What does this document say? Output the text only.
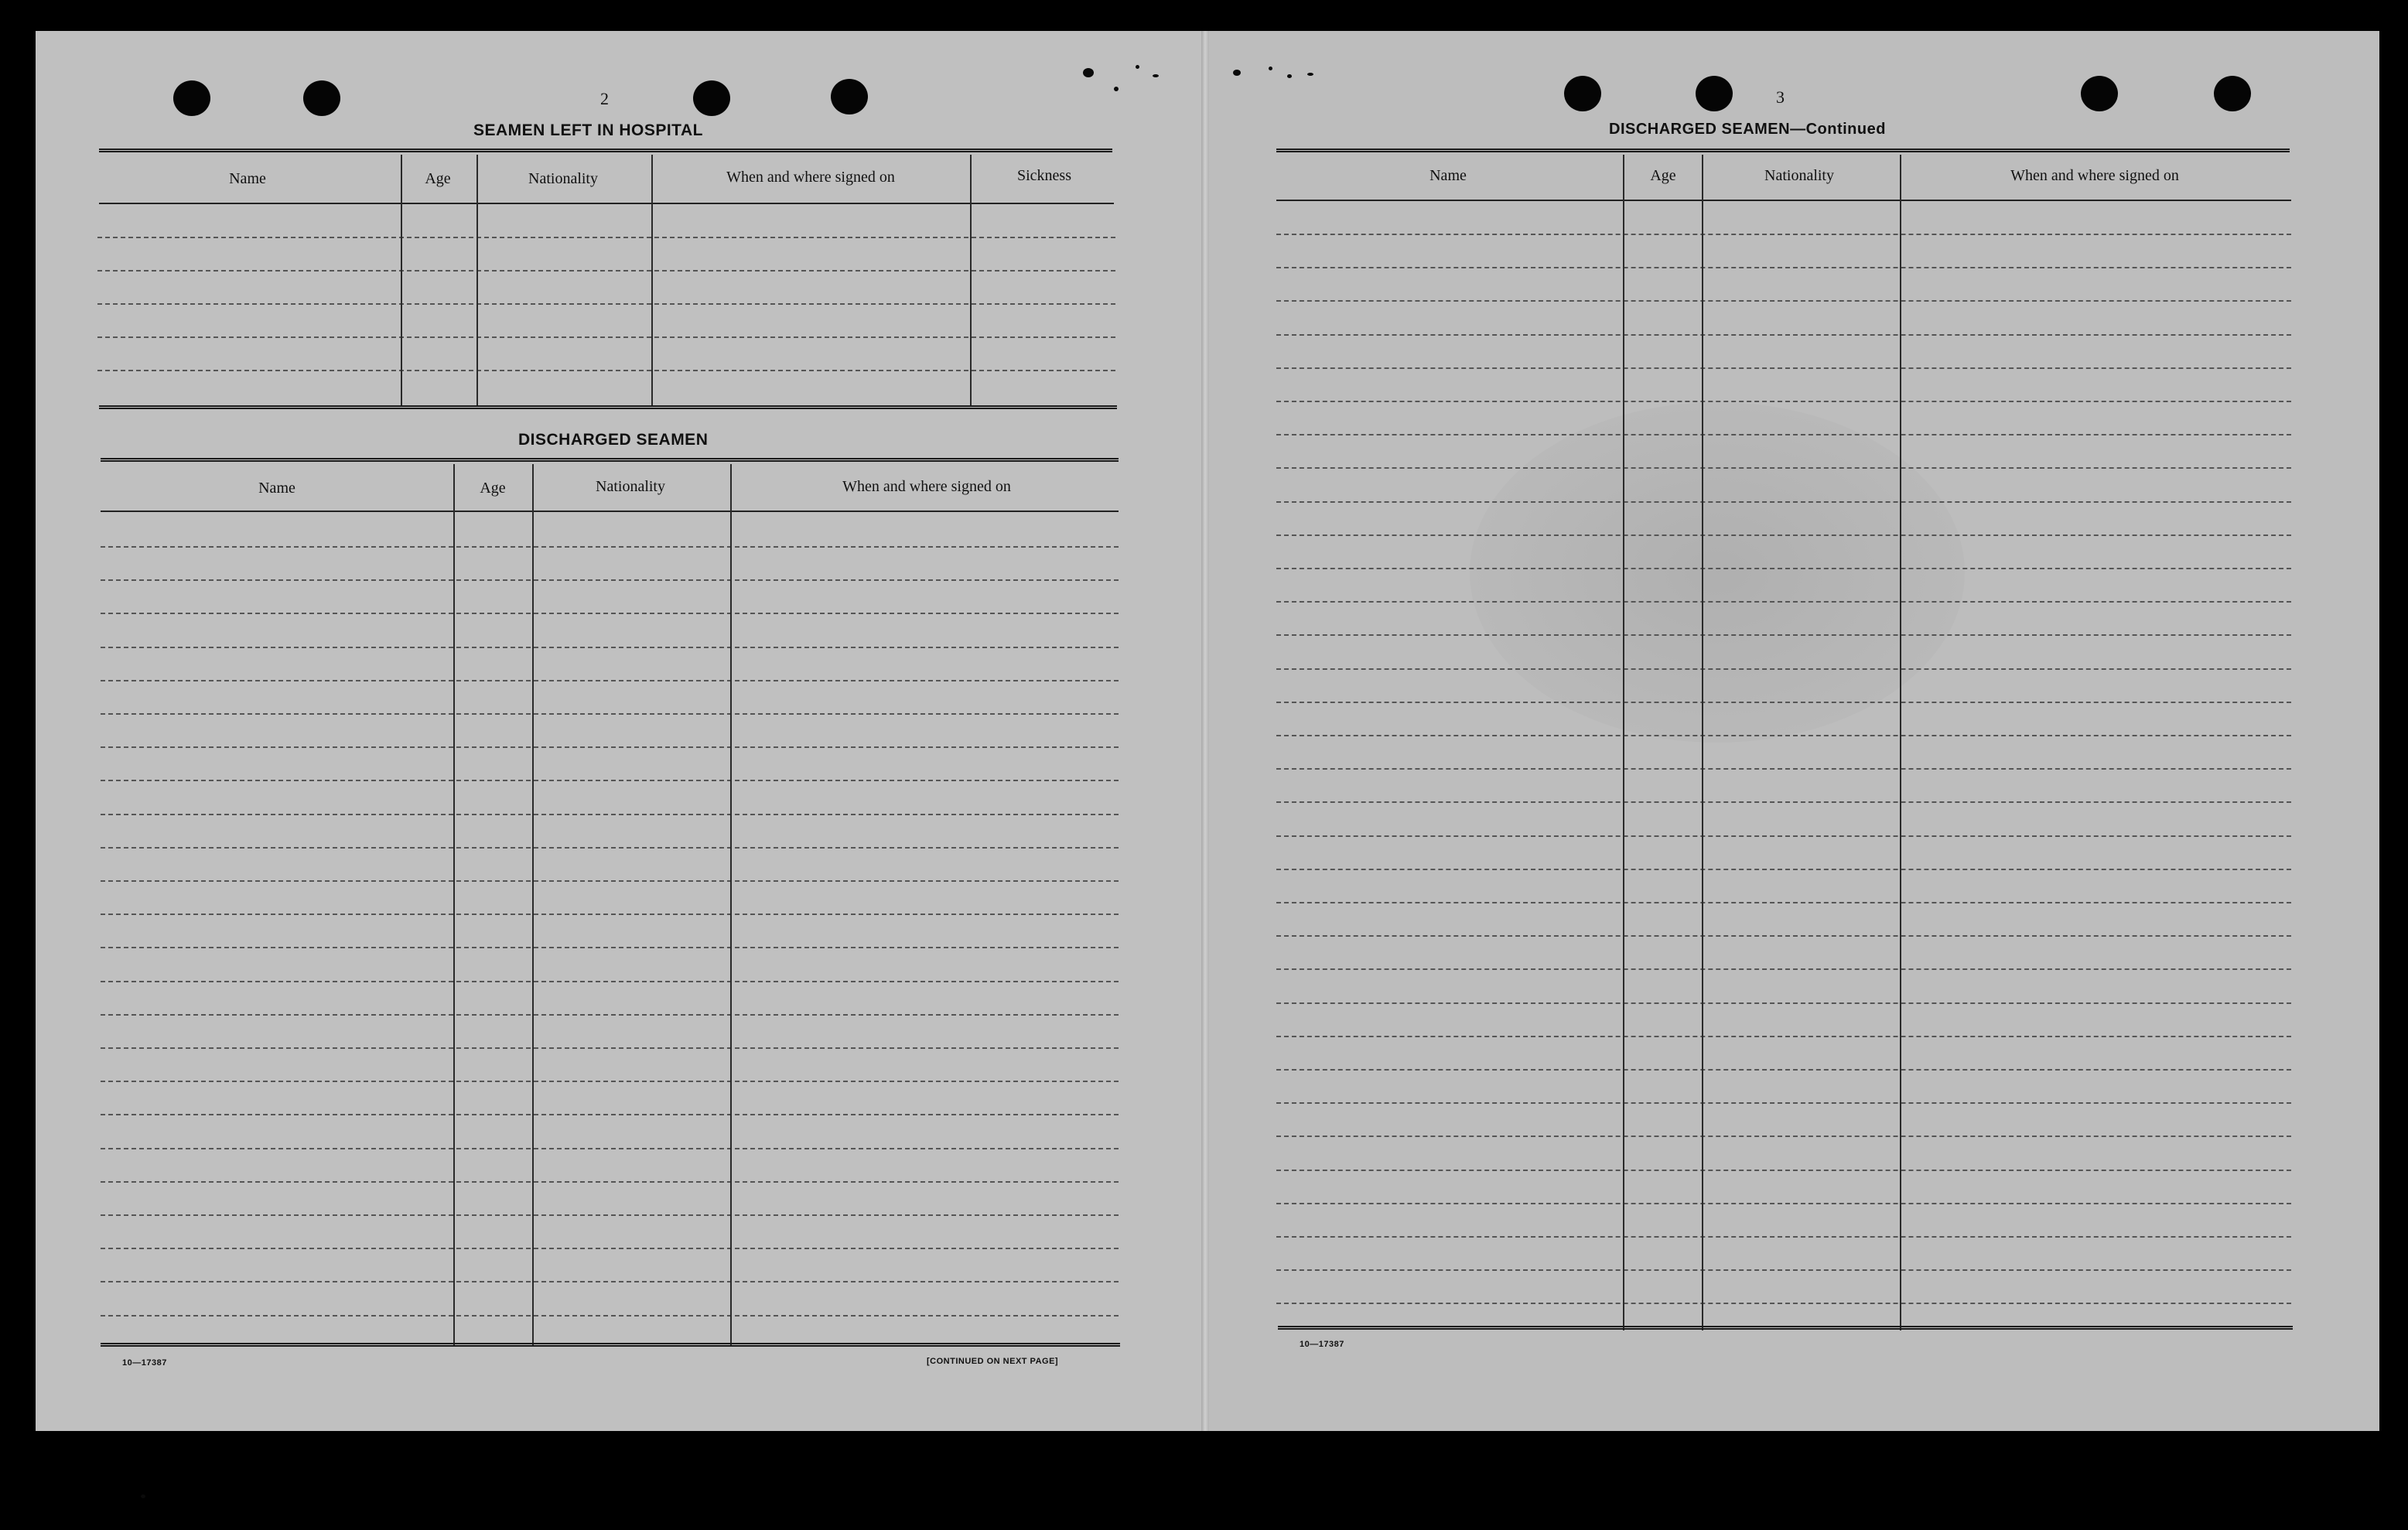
2
SEAMEN LEFT IN HOSPITAL
Name	Age	Nationality	When and where signed on	Sickness
DISCHARGED SEAMEN
Name	Age	Nationality	When and where signed on
10—17387	[CONTINUED ON NEXT PAGE]
3
DISCHARGED SEAMEN—Continued
Name	Age	Nationality	When and where signed on
10—17387
